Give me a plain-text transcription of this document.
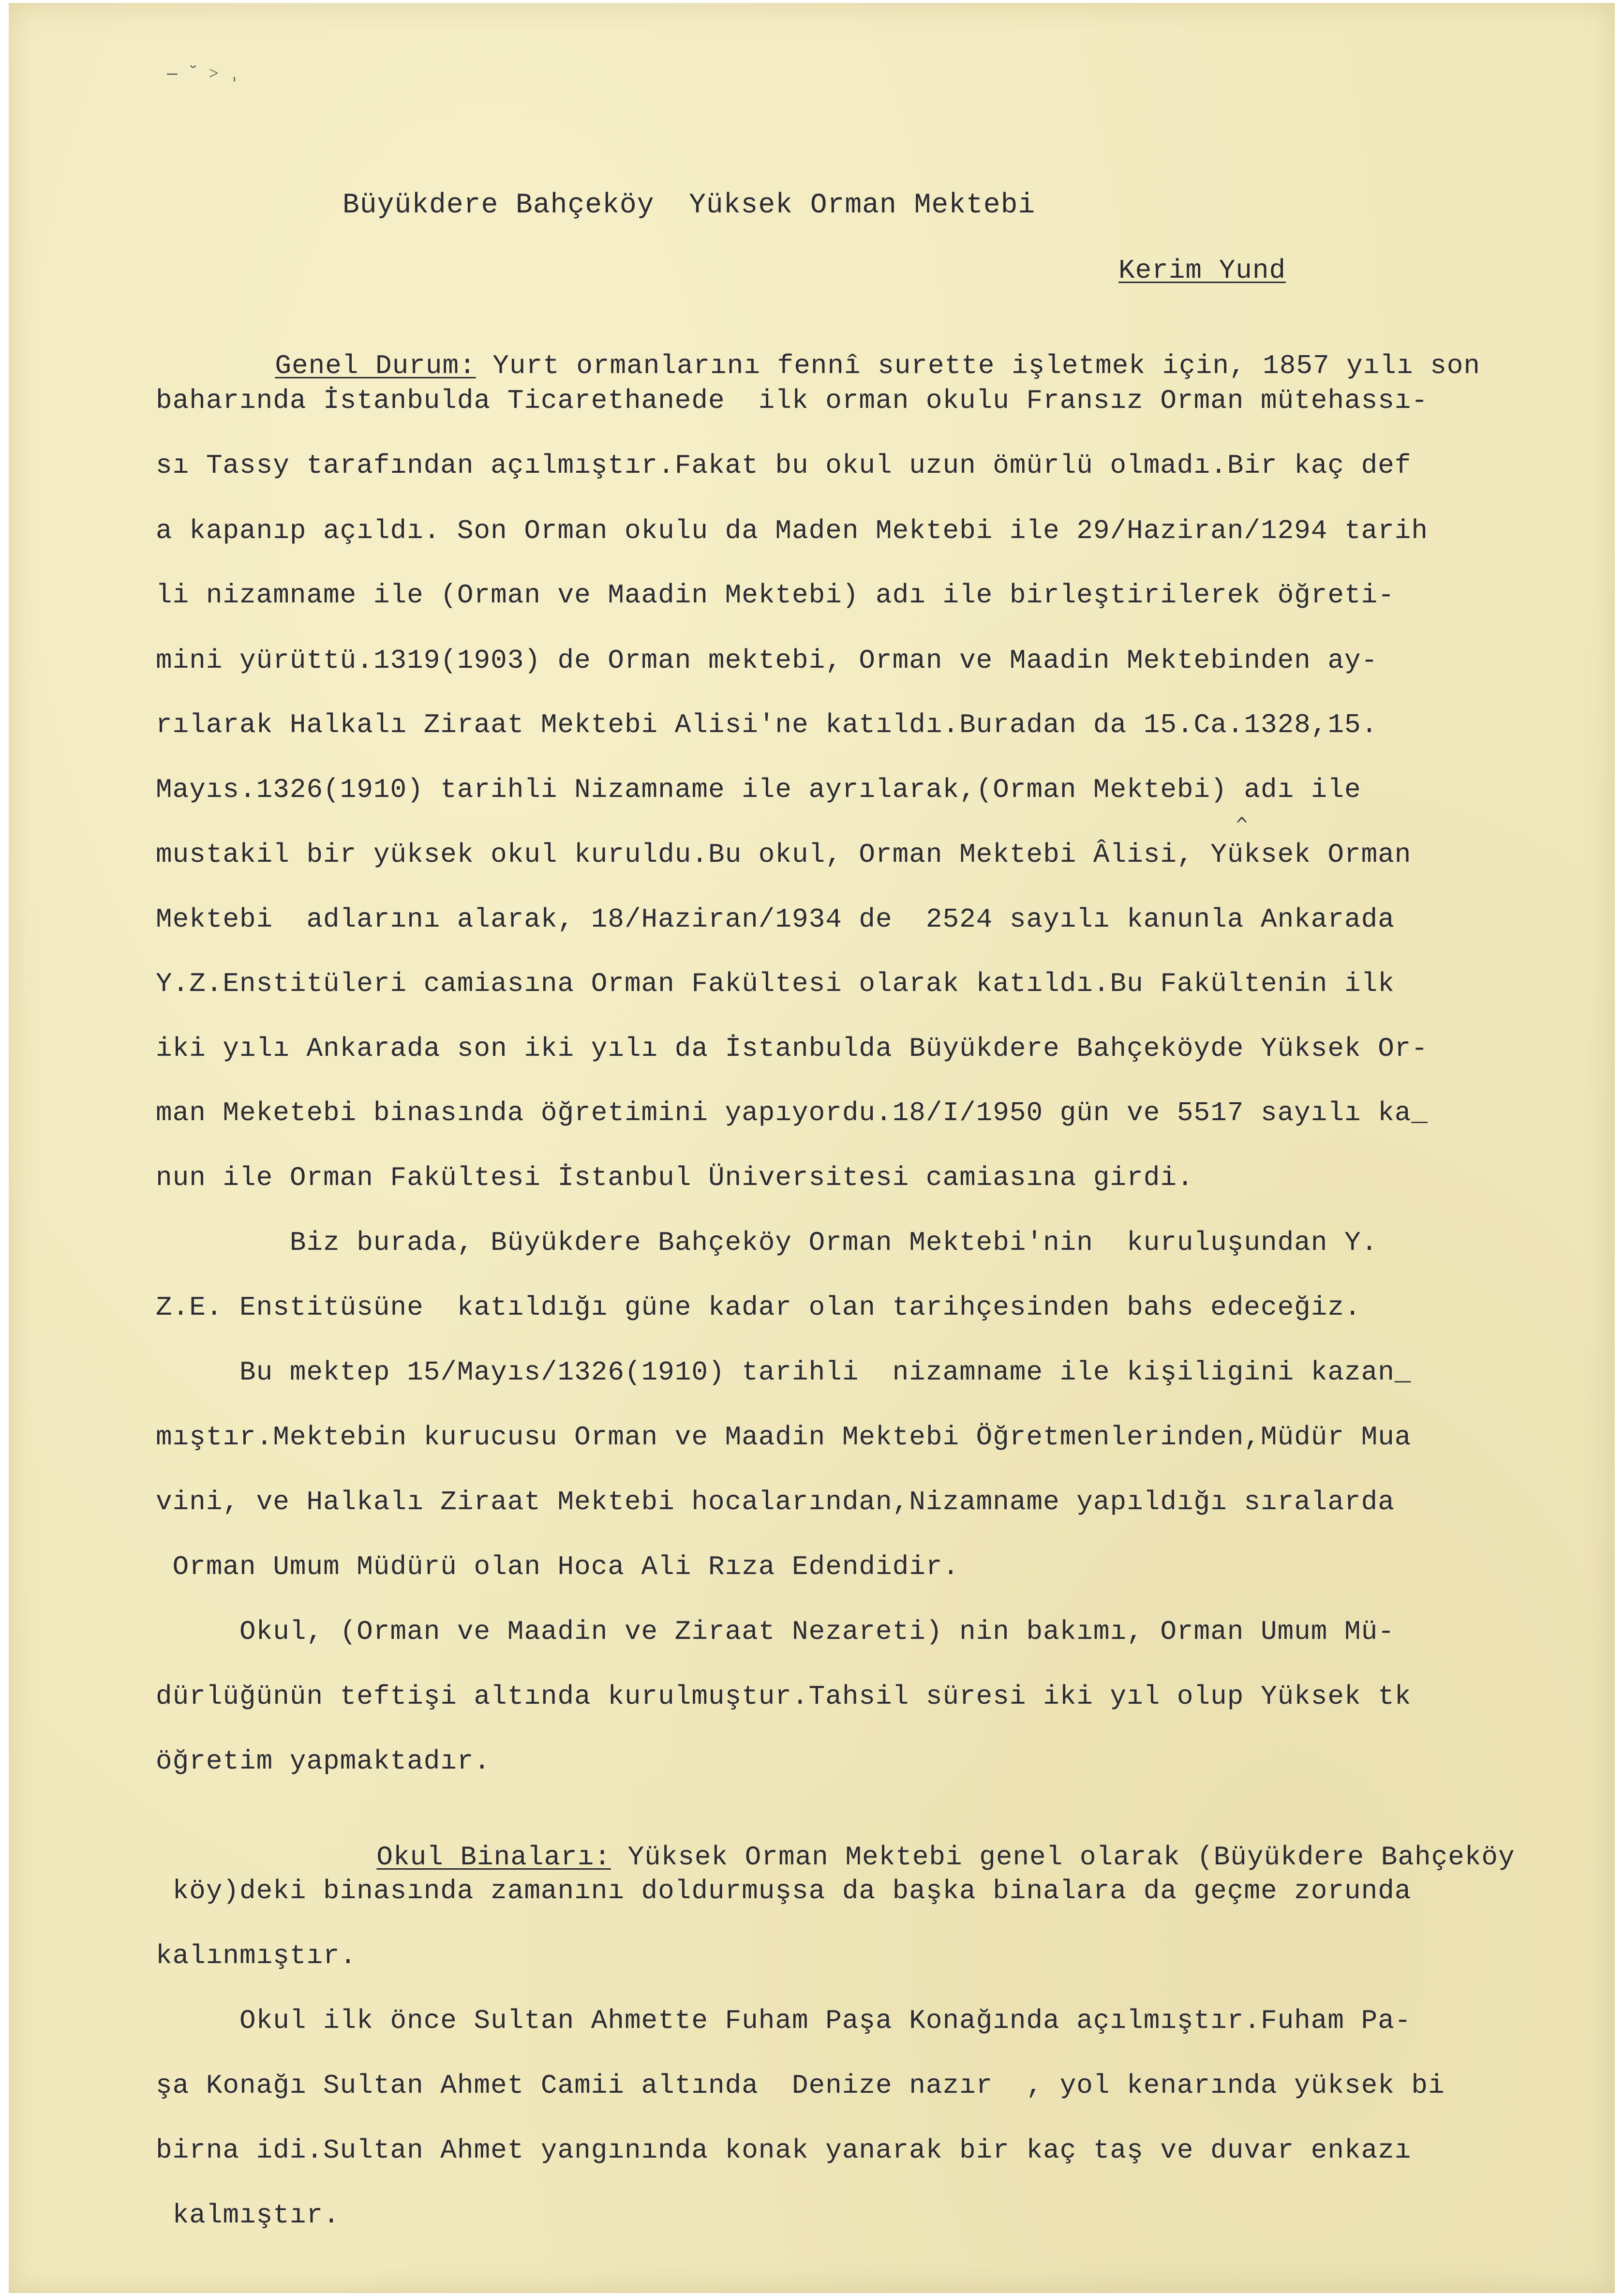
— ˘ ˃ ˌ

Büyükdere Bahçeköy  Yüksek Orman Mektebi

Kerim Yund

Genel Durum: Yurt ormanlarını fennî surette işletmek için, 1857 yılı son

baharında İstanbulda Ticarethanede  ilk orman okulu Fransız Orman mütehassı-

sı Tassy tarafından açılmıştır.Fakat bu okul uzun ömürlü olmadı.Bir kaç def

a kapanıp açıldı. Son Orman okulu da Maden Mektebi ile 29/Haziran/1294 tarih

li nizamname ile (Orman ve Maadin Mektebi) adı ile birleştirilerek öğreti-

mini yürüttü.1319(1903) de Orman mektebi, Orman ve Maadin Mektebinden ay-

rılarak Halkalı Ziraat Mektebi Alisi'ne katıldı.Buradan da 15.Ca.1328,15.

Mayıs.1326(1910) tarihli Nizamname ile ayrılarak,(Orman Mektebi) adı ile

^

mustakil bir yüksek okul kuruldu.Bu okul, Orman Mektebi Âlisi, Yüksek Orman

Mektebi  adlarını alarak, 18/Haziran/1934 de  2524 sayılı kanunla Ankarada

Y.Z.Enstitüleri camiasına Orman Fakültesi olarak katıldı.Bu Fakültenin ilk

iki yılı Ankarada son iki yılı da İstanbulda Büyükdere Bahçeköyde Yüksek Or-

man Meketebi binasında öğretimini yapıyordu.18/I/1950 gün ve 5517 sayılı ka_

nun ile Orman Fakültesi İstanbul Üniversitesi camiasına girdi.

Biz burada, Büyükdere Bahçeköy Orman Mektebi'nin  kuruluşundan Y.

Z.E. Enstitüsüne  katıldığı güne kadar olan tarihçesinden bahs edeceğiz.

Bu mektep 15/Mayıs/1326(1910) tarihli  nizamname ile kişiligini kazan_

mıştır.Mektebin kurucusu Orman ve Maadin Mektebi Öğretmenlerinden,Müdür Mua

vini, ve Halkalı Ziraat Mektebi hocalarından,Nizamname yapıldığı sıralarda

Orman Umum Müdürü olan Hoca Ali Rıza Edendidir.

Okul, (Orman ve Maadin ve Ziraat Nezareti) nin bakımı, Orman Umum Mü-

dürlüğünün teftişi altında kurulmuştur.Tahsil süresi iki yıl olup Yüksek tk

öğretim yapmaktadır.

Okul Binaları: Yüksek Orman Mektebi genel olarak (Büyükdere Bahçeköy

köy)deki binasında zamanını doldurmuşsa da başka binalara da geçme zorunda

kalınmıştır.

Okul ilk önce Sultan Ahmette Fuham Paşa Konağında açılmıştır.Fuham Pa-

şa Konağı Sultan Ahmet Camii altında  Denize nazır  , yol kenarında yüksek bi

birna idi.Sultan Ahmet yangınında konak yanarak bir kaç taş ve duvar enkazı

kalmıştır.
